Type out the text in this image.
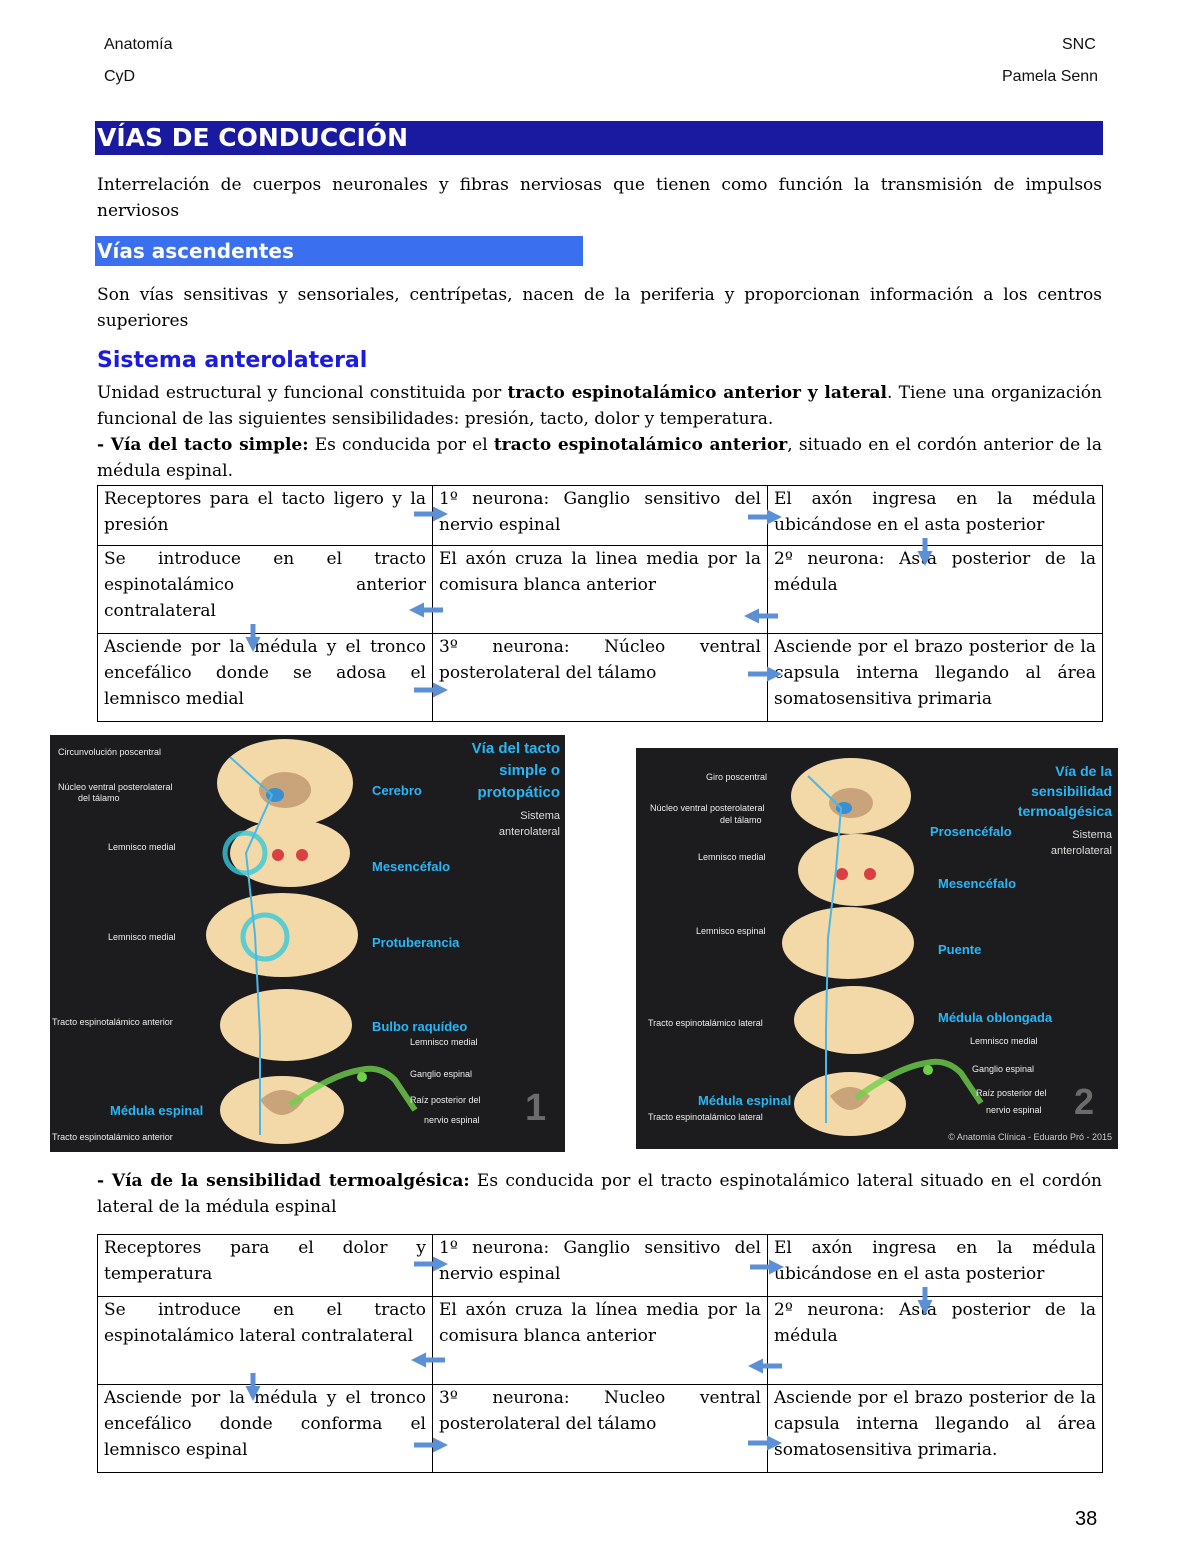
Anatomía
CyD
SNC
Pamela Senn
VÍAS DE CONDUCCIÓN
Interrelación de cuerpos neuronales y fibras nerviosas que tienen como función la transmisión de impulsos nerviosos
Vías ascendentes
Son vías sensitivas y sensoriales, centrípetas, nacen de la periferia y proporcionan información a los centros superiores
Sistema anterolateral
Unidad estructural y funcional constituida por tracto espinotalámico anterior y lateral. Tiene una organización funcional de las siguientes sensibilidades: presión, tacto, dolor y temperatura.
- Vía del tacto simple: Es conducida por el tracto espinotalámico anterior, situado en el cordón anterior de la médula espinal.
Receptores para el tacto ligero y la presión	1º neurona: Ganglio sensitivo del nervio espinal	El axón ingresa en la médula ubicándose en el asta posterior
Se introduce en el tracto espinotalámico anterior contralateral	El axón cruza la linea media por la comisura blanca anterior	2º neurona: Asta posterior de la médula
Asciende por la médula y el tronco encefálico donde se adosa el lemnisco medial	3º neurona: Núcleo ventral posterolateral del tálamo	Asciende por el brazo posterior de la capsula interna llegando al área somatosensitiva primaria
Circunvolución poscentral
Núcleo ventral posterolateral
del tálamo
Lemnisco medial
Lemnisco medial
Tracto espinotalámico anterior
Tracto espinotalámico anterior
Cerebro
Mesencéfalo
Protuberancia
Bulbo raquídeo
Médula espinal
Lemnisco medial
Ganglio espinal
Raíz posterior del
nervio espinal
Vía del tacto
simple o
protopático
Sistema
anterolateral
1
Giro poscentral
Núcleo ventral posterolateral
del tálamo
Lemnisco medial
Lemnisco espinal
Tracto espinotalámico lateral
Tracto espinotalámico lateral
Prosencéfalo
Mesencéfalo
Puente
Médula oblongada
Médula espinal
Lemnisco medial
Ganglio espinal
Raíz posterior del
nervio espinal
Vía de la
sensibilidad
termoalgésica
Sistema
anterolateral
2
© Anatomía Clínica - Eduardo Pró - 2015
- Vía de la sensibilidad termoalgésica: Es conducida por el tracto espinotalámico lateral situado en el cordón lateral de la médula espinal
Receptores para el dolor y temperatura	1º neurona: Ganglio sensitivo del nervio espinal	El axón ingresa en la médula ubicándose en el asta posterior
Se introduce en el tracto espinotalámico lateral contralateral	El axón cruza la línea media por la comisura blanca anterior	2º neurona: Asta posterior de la médula
Asciende por la médula y el tronco encefálico donde conforma el lemnisco espinal	3º neurona: Nucleo ventral posterolateral del tálamo	Asciende por el brazo posterior de la capsula interna llegando al área somatosensitiva primaria.
38
